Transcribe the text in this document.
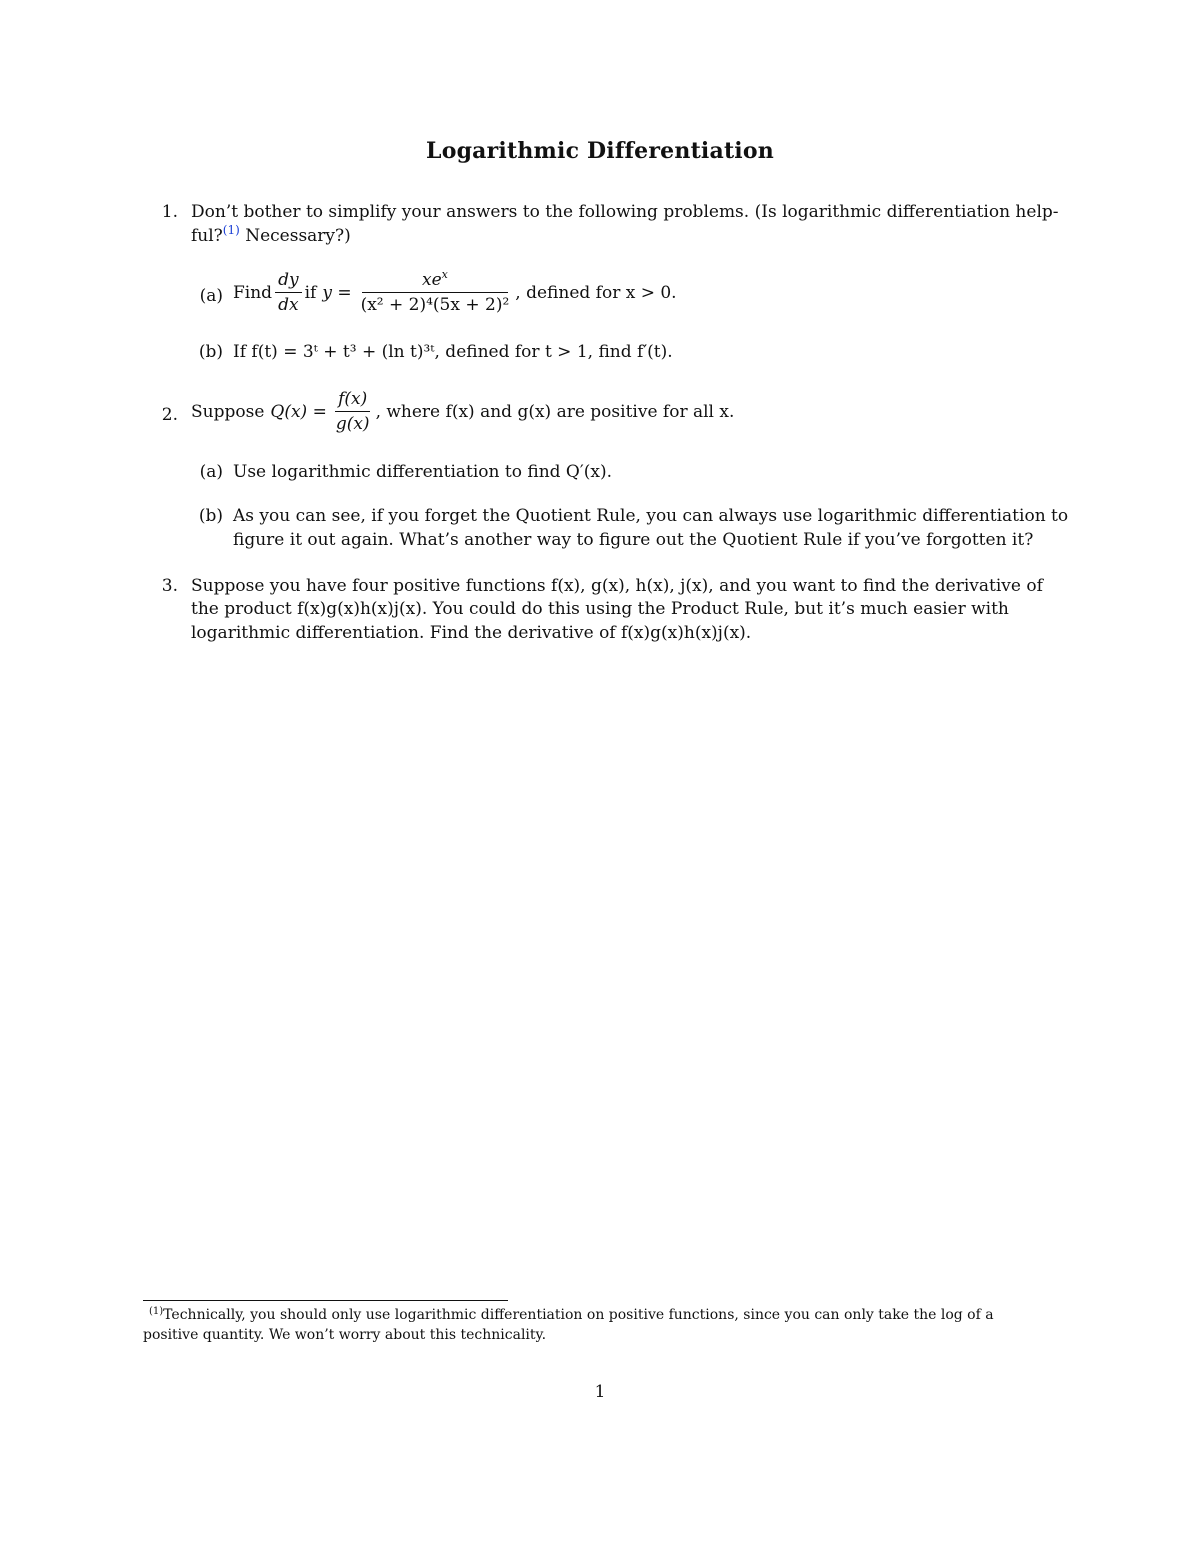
Logarithmic Differentiation
1. Don’t bother to simplify your answers to the following problems. (Is logarithmic differentiation help-
ful?$^{(1)}$ Necessary?)
(a) Find $\frac{dy}{dx}$ if $y = \frac{xe^x}{\text{(x² + 2)⁴(5x + 2)²}}$ , defined for x > 0.
(b) If f(t) = 3ᵗ + t³ + (ln t)³ᵗ, defined for t > 1, find f′(t).
2. Suppose $Q(x) = \frac{f(x)}{g(x)}$ , where f(x) and g(x) are positive for all x.
(a) Use logarithmic differentiation to find Q′(x).
(b) As you can see, if you forget the Quotient Rule, you can always use logarithmic differentiation to
figure it out again. What’s another way to figure out the Quotient Rule if you’ve forgotten it?
3. Suppose you have four positive functions f(x), g(x), h(x), j(x), and you want to find the derivative of
the product f(x)g(x)h(x)j(x). You could do this using the Product Rule, but it’s much easier with
logarithmic differentiation. Find the derivative of f(x)g(x)h(x)j(x).
$^{(1)}$Technically, you should only use logarithmic differentiation on positive functions, since you can only take the log of a
positive quantity. We won’t worry about this technicality.
1
